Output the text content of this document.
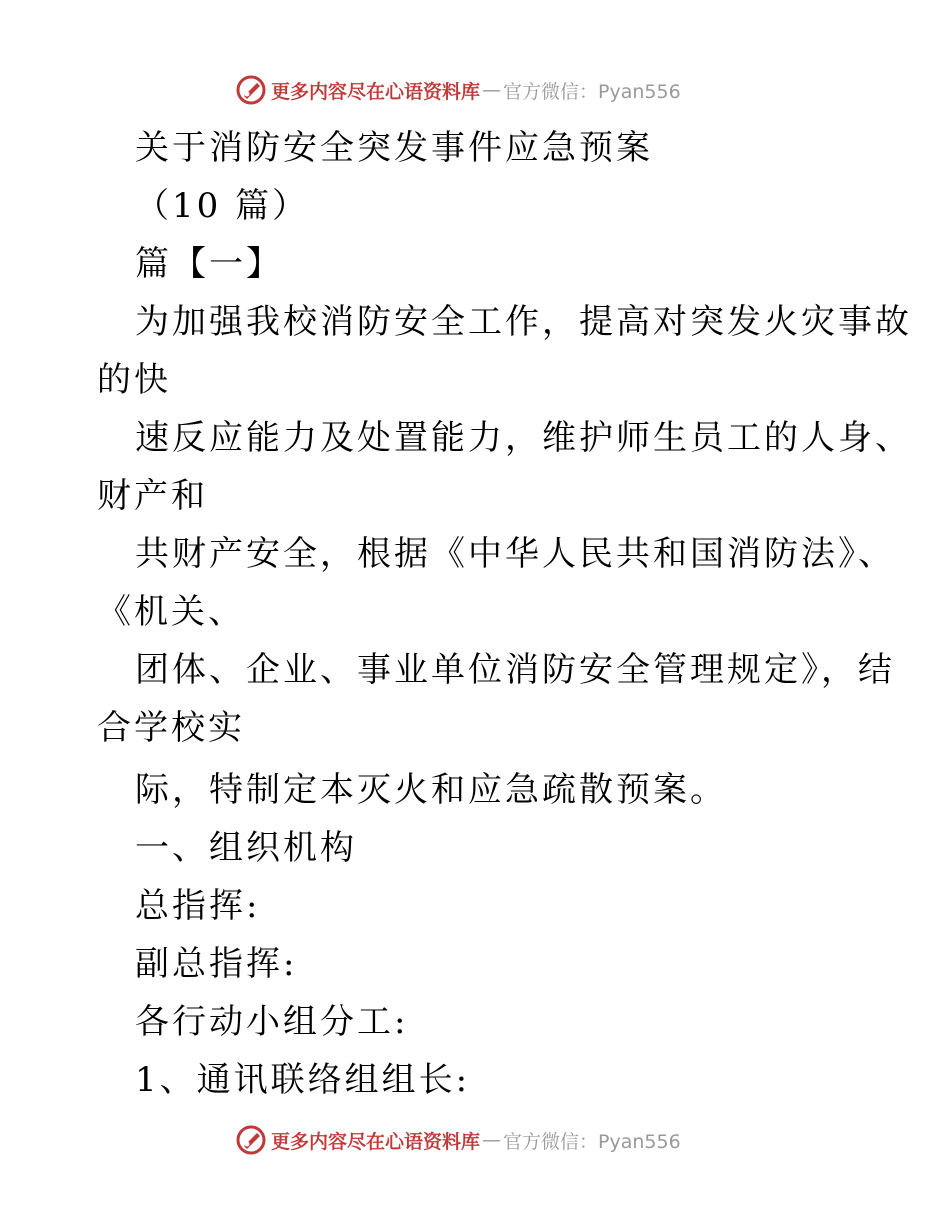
更多内容尽在心语资料库 — 官方微信：Pyan556
关于消防安全突发事件应急预案
（10 篇）
篇【一】
为加强我校消防安全工作，提高对突发火灾事故
的快
速反应能力及处置能力，维护师生员工的人身、
财产和
共财产安全，根据《中华人民共和国消防法》、
《机关、
团体、企业、事业单位消防安全管理规定》，结
合学校实
际，特制定本灭火和应急疏散预案。
一、组织机构
总指挥:
副总指挥:
各行动小组分工:
1、通讯联络组组长:
更多内容尽在心语资料库 — 官方微信：Pyan556
